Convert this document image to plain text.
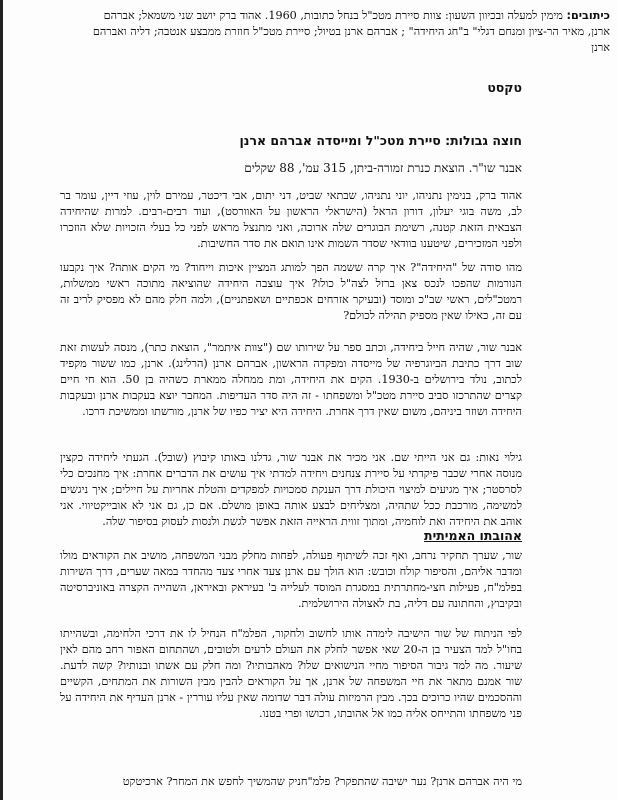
כיתובים: מימין למעלה ובכיוון השעון: צוות סיירת מטכ"ל בנחל כתובות, 1960. אהוד ברק יושב שני משמאל; אברהם ארנן, מאיר הר-ציון ומנחם דגלי" ב"חג היחידה" ; אברהם ארנן בטיול; סיירת מטכ"ל חוזרת ממבצע אנטבה; דליה ואברהם ארנן
טקסט
חוצה גבולות: סיירת מטכ"ל ומייסדה אברהם ארנן
אבנר שו"ר. הוצאת כנרת זמורה-ביתן, 315 עמ', 88 שקלים
אהוד ברק, בנימין נתניהו, יוני נתניהו, שבתאי שביט, דני יתום, אבי דיכטר, עמירם לוין, עוזי דיין, עומר בר לב, משה בוגי יעלון, דורון הראל (הישראלי הראשון על האוורסט), ועוד רבים-רבים. למרות שהיחידה הצבאית הזאת קטנה, רשימת הבוגרים שלה ארוכה, ואני מתנצל מראש לפני כל בעלי הזכויות שלא הוזכרו ולפני המזכירים, שיטענו בוודאי שסדר השמות אינו תואם את סדר החשיבות.
מהו סודה של "היחידה"? איך קרה ששמה הפך למותג המציין איכות וייחוד? מי הקים אותה? איך נקבעו הנורמות שהפכו לנכס צאן ברזל לצה"ל כולו? איך עוצבה היחידה שהוציאה מתוכה ראשי ממשלות, רמטכ"לים, ראשי שב"כ ומוסד (ובעיקר אזרחים אכפתיים ושאפתניים), ולמה חלק מהם לא מפסיק לריב זה עם זה, כאילו שאין מספיק תהילה לכולם?
אבנר שור, שהיה חייל ביחידה, וכתב ספר על שירותו שם ("צוות איתמר", הוצאת כתר), מנסה לעשות זאת שוב דרך כתיבת הביוגרפיה של מייסדה ומפקדה הראשון, אברהם ארנן (הרלינג). ארנן, כמו ששור מקפיד לכתוב, נולד בירושלים ב-1930. הקים את היחידה, ומת ממחלה ממארת כשהיה בן 50. הוא חי חיים קצרים שהתרכזו סביב סיירת מטכ"ל ומשפחתו - זה היה סדר העדיפות. המחבר יוצא בעקבות ארנן ובעקבות היחידה ושוזר ביניהם, משום שאין דרך אחרת. היחידה היא יציר כפיו של ארנן, מורשתו וממשיכת דרכו.
גילוי נאות: גם אני הייתי שם. אני מכיר את אבנר שור, גדלנו באותו קיבוץ (שובל). הגעתי ליחידה כקצין מנוסה אחרי שכבר פיקדתי על סיירת צנחנים ויחידה למדתי איך עושים את הדברים אחרת: איך מחנכים כלי לסרסטר; איך מגיעים למיצוי היכולת דרך הענקת סמכויות למפקדים והטלת אחריות על חיילים; איך ניגשים למשימה, מורכבת ככל שתהיה, ומצליחים לבצע אותה באופן מושלם. אם כן, גם אני לא אובייקטיווי. אני אוהב את היחידה ואת לוחמיה, ומתוך זווית הראייה הזאת אפשר לגשת ולנסות לעסוק בסיפור שלה.
אהובתו האמיתית
שור, שערך תחקיר נרחב, ואף זכה לשיתוף פעולה, לפחות מחלק מבני המשפחה, מושיב את הקוראים מולו ומדבר אליהם, והסיפור קולח וכובש: הוא הולך עם ארנן צעד אחרי צעד מהחדר במאה שערים, דרך השירות בפלמ"ח, פעילות חצי-מחתרתית במסגרת המוסד לעלייה ב' בעיראק ובאיראן, השהייה הקצרה באוניברסיטה ובקיבוץ, והחתונה עם דליה, בת לאצולה הירושלמית.
לפי הניתוח של שור הישיבה לימדה אותו לחשוב ולחקור, הפלמ"ח הנחיל לו את דרכי הלחימה, ובשהייתו בחו"ל למד הצעיר בן ה-20 שאי אפשר לחלק את העולם לרעים ולטובים, ושהתחום האפור רחב מהם לאין שיעור. מה למד גיבור הסיפור מחיי הנישואים שלו? מאהבותיו? ומה חלק עם אשתו ובנותיו? קשה לדעת. שור אמנם מתאר את חיי המשפחה של ארנן, אך על הקוראים להבין מבין השורות את המתחים, הקשיים וההסכמים שהיו כרוכים בכך. מבין הרמיזות עולה דבר שדומה שאין עליו עוררין - ארנן העדיף את היחידה על פני משפחתו והתייחס אליה כמו אל אהובתו, רכושו ופרי בטנו.
מי היה אברהם ארנן? נער ישיבה שהתפקר? פלמ"חניק שהמשיך לחפש את המחר? ארכיטקט
